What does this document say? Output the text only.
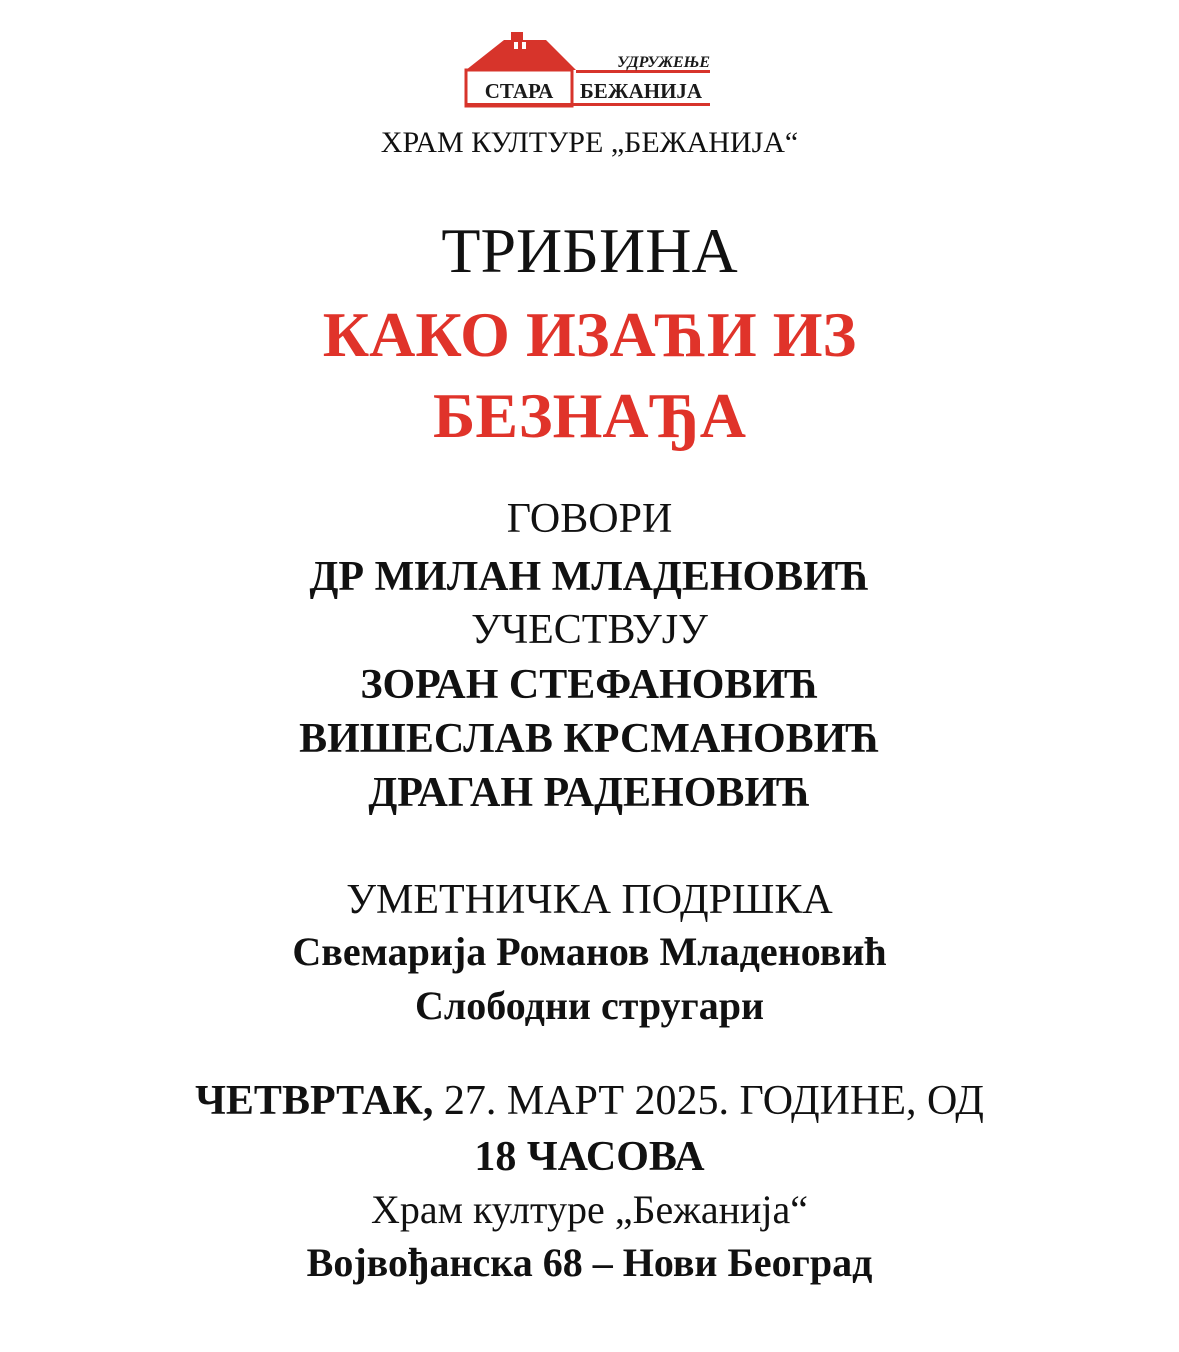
УДРУЖЕЊЕ
СТАРА БЕЖАНИЈА
ХРАМ КУЛТУРЕ „БЕЖАНИЈА“
ТРИБИНА
КАКО ИЗАЋИ ИЗ
БЕЗНАЂА
ГОВОРИ
ДР МИЛАН МЛАДЕНОВИЋ
УЧЕСТВУЈУ
ЗОРАН СТЕФАНОВИЋ
ВИШЕСЛАВ КРСМАНОВИЋ
ДРАГАН РАДЕНОВИЋ
УМЕТНИЧКА ПОДРШКА
Свемарија Романов Младеновић
Слободни стругари
ЧЕТВРТАК, 27. МАРТ 2025. ГОДИНЕ, ОД
18 ЧАСОВА
Храм културе „Бежанија“
Војвођанска 68 – Нови Београд
